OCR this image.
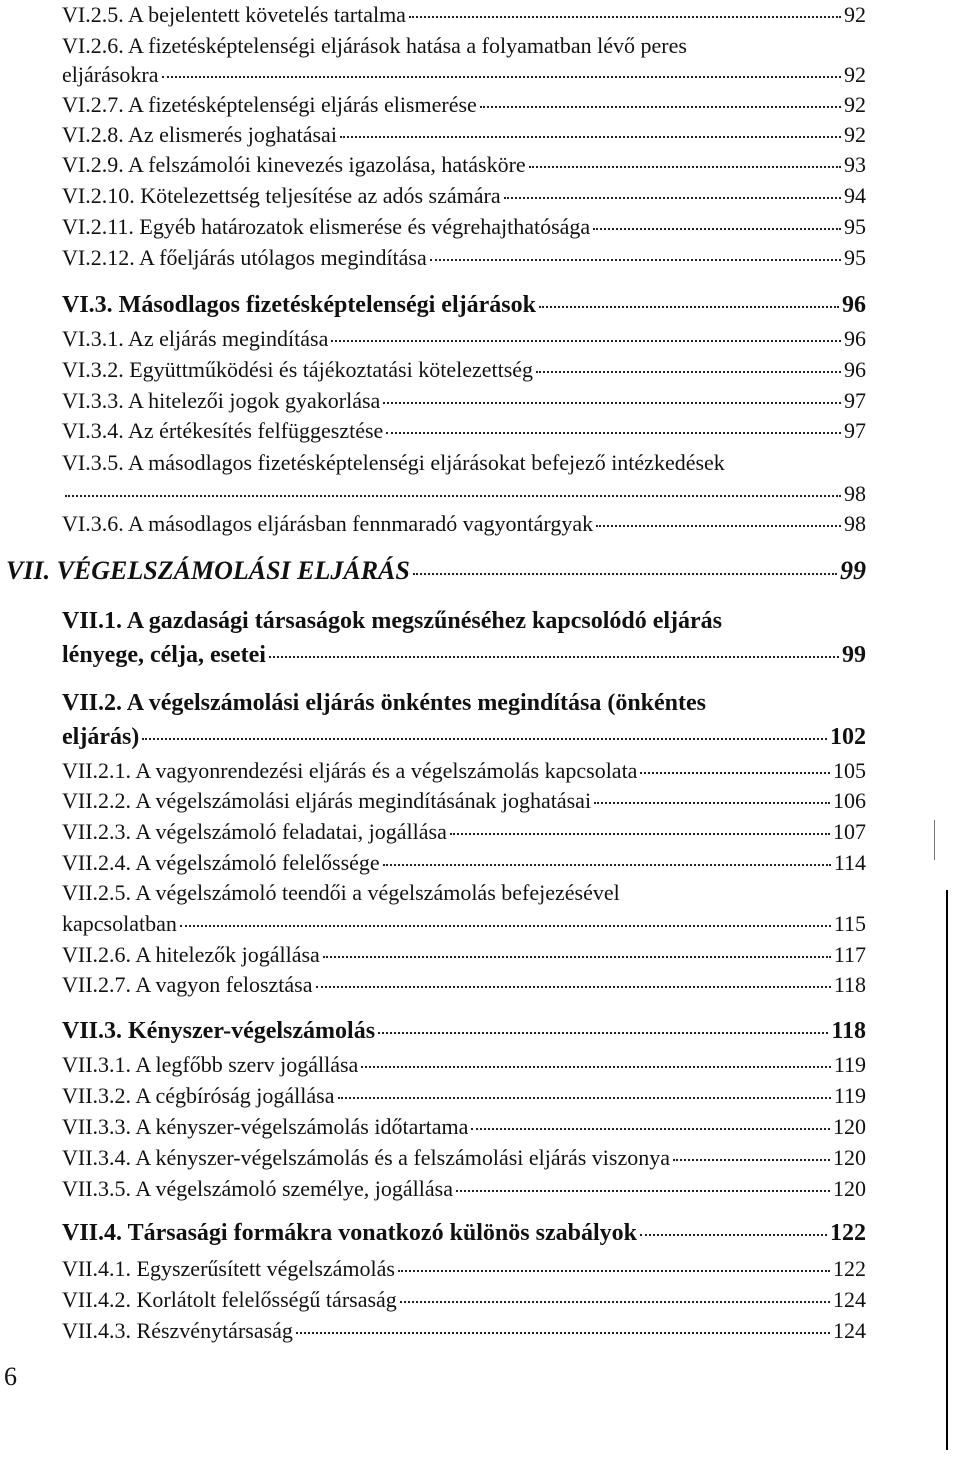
VI.2.5. A bejelentett követelés tartalma	92
VI.2.6. A fizetésképtelenségi eljárások hatása a folyamatban lévő peres
eljárásokra	92
VI.2.7. A fizetésképtelenségi eljárás elismerése	92
VI.2.8. Az elismerés joghatásai	92
VI.2.9. A felszámolói kinevezés igazolása, hatásköre	93
VI.2.10. Kötelezettség teljesítése az adós számára	94
VI.2.11. Egyéb határozatok elismerése és végrehajthatósága	95
VI.2.12. A főeljárás utólagos megindítása	95
VI.3. Másodlagos fizetésképtelenségi eljárások	96
VI.3.1. Az eljárás megindítása	96
VI.3.2. Együttműködési és tájékoztatási kötelezettség	96
VI.3.3. A hitelezői jogok gyakorlása	97
VI.3.4. Az értékesítés felfüggesztése	97
VI.3.5. A másodlagos fizetésképtelenségi eljárásokat befejező intézkedések
98
VI.3.6. A másodlagos eljárásban fennmaradó vagyontárgyak	98
VII. VÉGELSZÁMOLÁSI ELJÁRÁS	99
VII.1. A gazdasági társaságok megszűnéséhez kapcsolódó eljárás
lényege, célja, esetei	99
VII.2. A végelszámolási eljárás önkéntes megindítása (önkéntes
eljárás)	102
VII.2.1. A vagyonrendezési eljárás és a végelszámolás kapcsolata	105
VII.2.2. A végelszámolási eljárás megindításának joghatásai	106
VII.2.3. A végelszámoló feladatai, jogállása	107
VII.2.4. A végelszámoló felelőssége	114
VII.2.5. A végelszámoló teendői a végelszámolás befejezésével
kapcsolatban	115
VII.2.6. A hitelezők jogállása	117
VII.2.7. A vagyon felosztása	118
VII.3. Kényszer-végelszámolás	118
VII.3.1. A legfőbb szerv jogállása	119
VII.3.2. A cégbíróság jogállása	119
VII.3.3. A kényszer-végelszámolás időtartama	120
VII.3.4. A kényszer-végelszámolás és a felszámolási eljárás viszonya	120
VII.3.5. A végelszámoló személye, jogállása	120
VII.4. Társasági formákra vonatkozó különös szabályok	122
VII.4.1. Egyszerűsített végelszámolás	122
VII.4.2. Korlátolt felelősségű társaság	124
VII.4.3. Részvénytársaság	124
6
